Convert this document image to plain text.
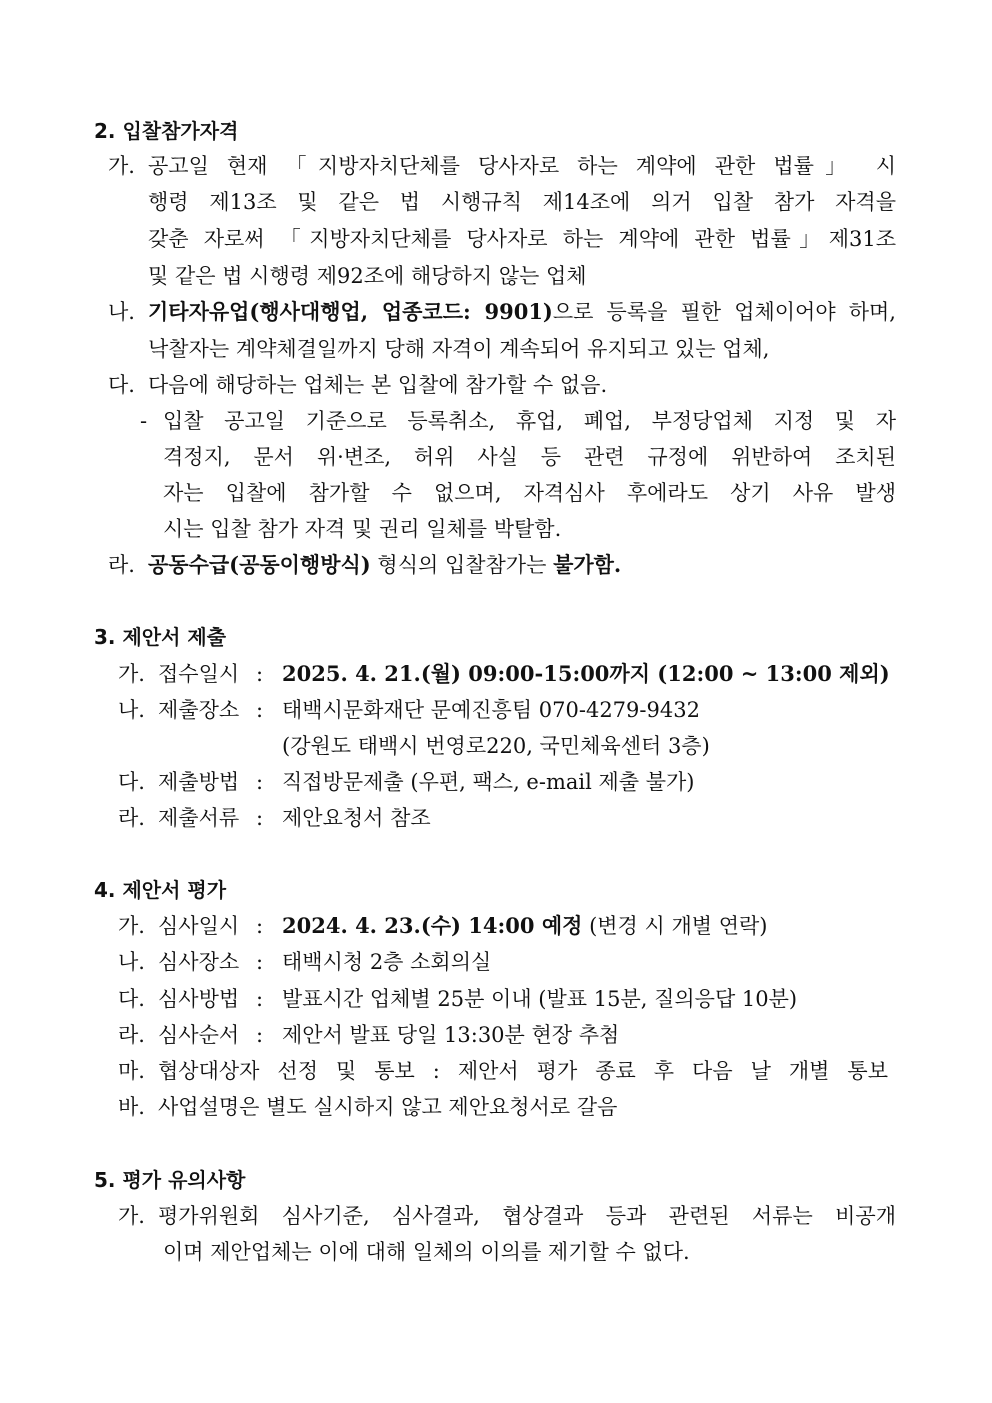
2. 입찰참가자격
가. 공고일 현재 「지방자치단체를 당사자로 하는 계약에 관한 법률」 시
행령 제13조 및 같은 법 시행규칙 제14조에 의거 입찰 참가 자격을
갖춘 자로써 「지방자치단체를 당사자로 하는 계약에 관한 법률」제31조
및 같은 법 시행령 제92조에 해당하지 않는 업체
나. 기타자유업(행사대행업, 업종코드: 9901)으로 등록을 필한 업체이어야 하며,
낙찰자는 계약체결일까지 당해 자격이 계속되어 유지되고 있는 업체,
다. 다음에 해당하는 업체는 본 입찰에 참가할 수 없음.
- 입찰 공고일 기준으로 등록취소, 휴업, 폐업, 부정당업체 지정 및 자
격정지, 문서 위·변조, 허위 사실 등 관련 규정에 위반하여 조치된
자는 입찰에 참가할 수 없으며, 자격심사 후에라도 상기 사유 발생
시는 입찰 참가 자격 및 권리 일체를 박탈함.
라. 공동수급(공동이행방식) 형식의 입찰참가는 불가함.
3. 제안서 제출
가. 접수일시 : 2025. 4. 21.(월) 09:00-15:00까지 (12:00 ~ 13:00 제외)
나. 제출장소 : 태백시문화재단 문예진흥팀 070-4279-9432
(강원도 태백시 번영로220, 국민체육센터 3층)
다. 제출방법 : 직접방문제출 (우편, 팩스, e-mail 제출 불가)
라. 제출서류 : 제안요청서 참조
4. 제안서 평가
가. 심사일시 : 2024. 4. 23.(수) 14:00 예정 (변경 시 개별 연락)
나. 심사장소 : 태백시청 2층 소회의실
다. 심사방법 : 발표시간 업체별 25분 이내 (발표 15분, 질의응답 10분)
라. 심사순서 : 제안서 발표 당일 13:30분 현장 추첨
마. 협상대상자 선정 및 통보 : 제안서 평가 종료 후 다음 날 개별 통보
바. 사업설명은 별도 실시하지 않고 제안요청서로 갈음
5. 평가 유의사항
가. 평가위원회 심사기준, 심사결과, 협상결과 등과 관련된 서류는 비공개
이며 제안업체는 이에 대해 일체의 이의를 제기할 수 없다.
